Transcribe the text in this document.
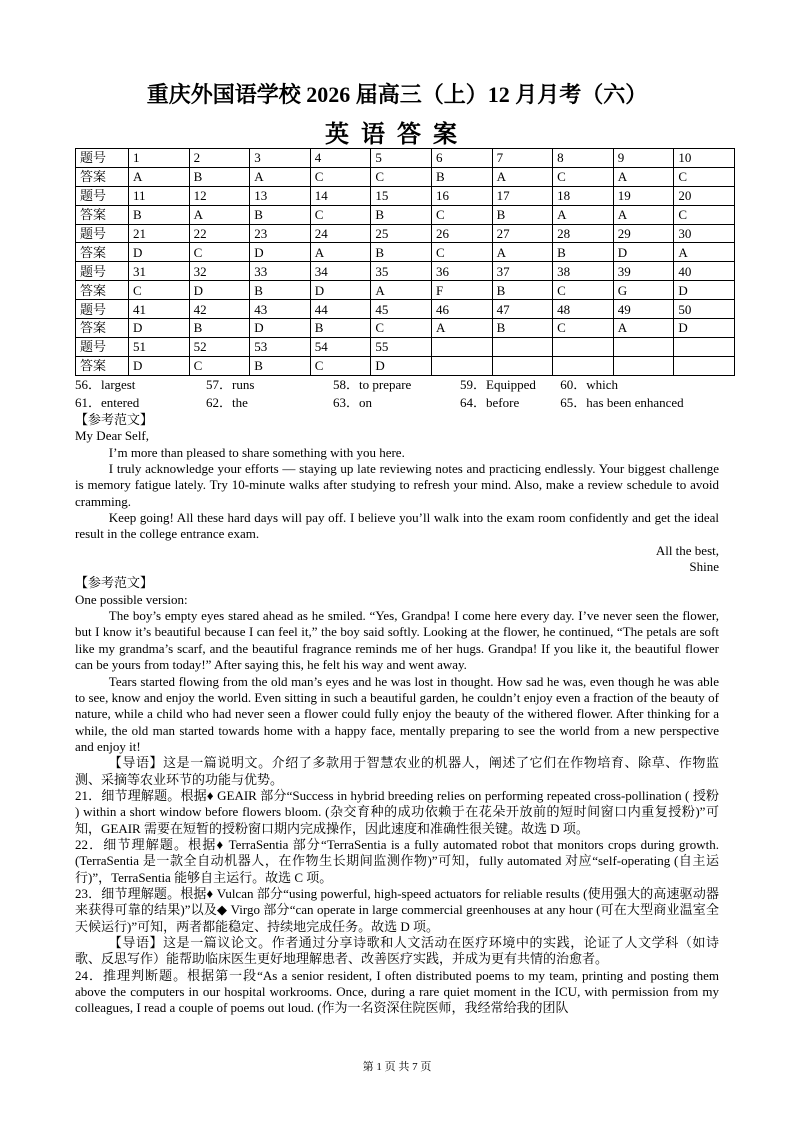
重庆外国语学校 2026 届高三（上）12 月月考（六）
英语答案
题号	1	2	3	4	5	6	7	8	9	10
答案	A	B	A	C	C	B	A	C	A	C
题号	11	12	13	14	15	16	17	18	19	20
答案	B	A	B	C	B	C	B	A	A	C
题号	21	22	23	24	25	26	27	28	29	30
答案	D	C	D	A	B	C	A	B	D	A
题号	31	32	33	34	35	36	37	38	39	40
答案	C	D	B	D	A	F	B	C	G	D
题号	41	42	43	44	45	46	47	48	49	50
答案	D	B	D	B	C	A	B	C	A	D
题号	51	52	53	54	55					
答案	D	C	B	C	D					
56．largest	57．runs	58．to prepare	59．Equipped	60．which
61．entered	62．the	63．on	64．before	65．has been enhanced

【参考范文】

My Dear Self,

I’m more than pleased to share something with you here.

I truly acknowledge your efforts — staying up late reviewing notes and practicing endlessly. Your biggest challenge is memory fatigue lately. Try 10-minute walks after studying to refresh your mind. Also, make a review schedule to avoid cramming.

Keep going! All these hard days will pay off. I believe you’ll walk into the exam room confidently and get the ideal result in the college entrance exam.

All the best,

Shine

【参考范文】

One possible version:

The boy’s empty eyes stared ahead as he smiled. “Yes, Grandpa! I come here every day. I’ve never seen the flower, but I know it’s beautiful because I can feel it,” the boy said softly. Looking at the flower, he continued, “The petals are soft like my grandma’s scarf, and the beautiful fragrance reminds me of her hugs. Grandpa! If you like it, the beautiful flower can be yours from today!” After saying this, he felt his way and went away.

Tears started flowing from the old man’s eyes and he was lost in thought. How sad he was, even though he was able to see, know and enjoy the world. Even sitting in such a beautiful garden, he couldn’t enjoy even a fraction of the beauty of nature, while a child who had never seen a flower could fully enjoy the beauty of the withered flower. After thinking for a while, the old man started towards home with a happy face, mentally preparing to see the world from a new perspective and enjoy it!

【导语】这是一篇说明文。介绍了多款用于智慧农业的机器人，阐述了它们在作物培育、除草、作物监测、采摘等农业环节的功能与优势。

21．细节理解题。根据♦ GEAIR 部分“Success in hybrid breeding relies on performing repeated cross-pollination ( 授粉 ) within a short window before flowers bloom. (杂交育种的成功依赖于在花朵开放前的短时间窗口内重复授粉)”可知，GEAIR 需要在短暂的授粉窗口期内完成操作，因此速度和准确性很关键。故选 D 项。

22．细节理解题。根据♦ TerraSentia 部分“TerraSentia is a fully automated robot that monitors crops during growth. (TerraSentia 是一款全自动机器人，在作物生长期间监测作物)”可知，fully automated 对应“self-operating (自主运行)”，TerraSentia 能够自主运行。故选 C 项。

23．细节理解题。根据♦ Vulcan 部分“using powerful, high-speed actuators for reliable results (使用强大的高速驱动器来获得可靠的结果)”以及◆ Virgo 部分“can operate in large commercial greenhouses at any hour (可在大型商业温室全天候运行)”可知，两者都能稳定、持续地完成任务。故选 D 项。

【导语】这是一篇议论文。作者通过分享诗歌和人文活动在医疗环境中的实践，论证了人文学科（如诗歌、反思写作）能帮助临床医生更好地理解患者、改善医疗实践，并成为更有共情的治愈者。

24．推理判断题。根据第一段“As a senior resident, I often distributed poems to my team, printing and posting them above the computers in our hospital workrooms. Once, during a rare quiet moment in the ICU, with permission from my colleagues, I read a couple of poems out loud. (作为一名资深住院医师，我经常给我的团队

第 1 页 共 7 页
